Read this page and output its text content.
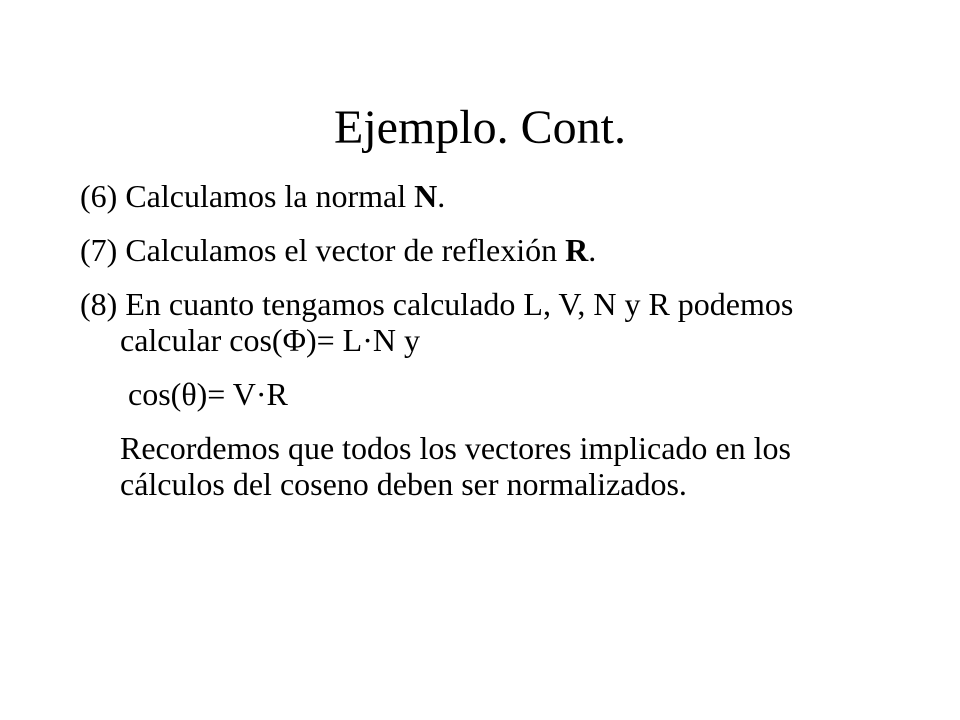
Ejemplo. Cont.

(6) Calculamos la normal N.

(7) Calculamos el vector de reflexión R.

(8) En cuanto tengamos calculado L, V, N y R podemos calcular cos(Φ)= L·N y

cos(θ)= V·R

Recordemos que todos los vectores implicado en los cálculos del coseno deben ser normalizados.
